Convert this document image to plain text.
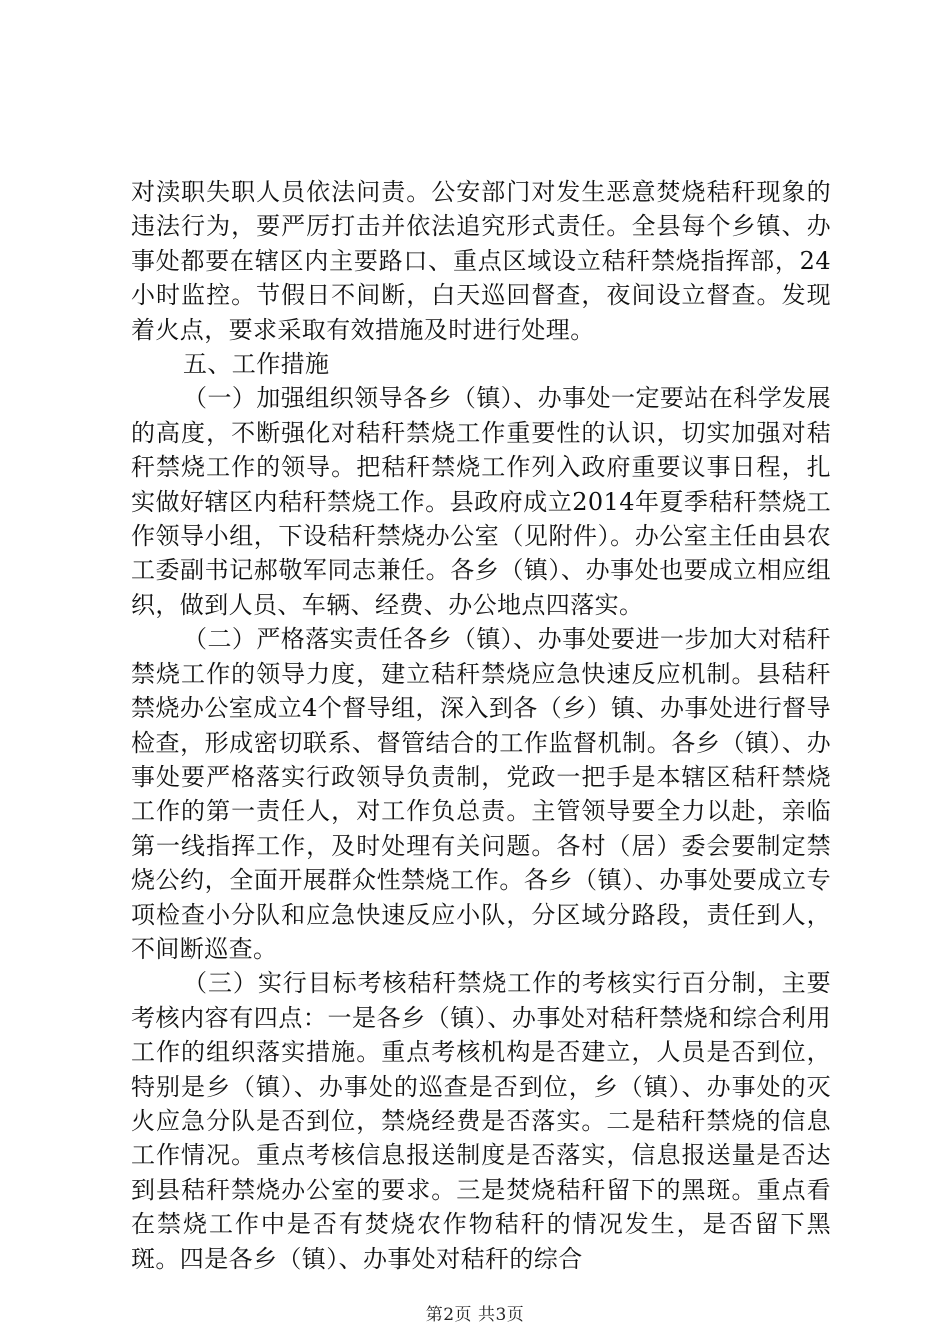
对渎职失职人员依法问责。公安部门对发生恶意焚烧秸秆现象的违法行为，要严厉打击并依法追究形式责任。全县每个乡镇、办事处都要在辖区内主要路口、重点区域设立秸秆禁烧指挥部，24小时监控。节假日不间断，白天巡回督查，夜间设立督查。发现着火点，要求采取有效措施及时进行处理。

五、工作措施

（一）加强组织领导各乡（镇）、办事处一定要站在科学发展的高度，不断强化对秸秆禁烧工作重要性的认识，切实加强对秸秆禁烧工作的领导。把秸秆禁烧工作列入政府重要议事日程，扎实做好辖区内秸秆禁烧工作。县政府成立2014年夏季秸秆禁烧工作领导小组，下设秸秆禁烧办公室（见附件）。办公室主任由县农工委副书记郝敬军同志兼任。各乡（镇）、办事处也要成立相应组织，做到人员、车辆、经费、办公地点四落实。

（二）严格落实责任各乡（镇）、办事处要进一步加大对秸秆禁烧工作的领导力度，建立秸秆禁烧应急快速反应机制。县秸秆禁烧办公室成立4个督导组，深入到各（乡）镇、办事处进行督导检查，形成密切联系、督管结合的工作监督机制。各乡（镇）、办事处要严格落实行政领导负责制，党政一把手是本辖区秸秆禁烧工作的第一责任人，对工作负总责。主管领导要全力以赴，亲临第一线指挥工作，及时处理有关问题。各村（居）委会要制定禁烧公约，全面开展群众性禁烧工作。各乡（镇）、办事处要成立专项检查小分队和应急快速反应小队，分区域分路段，责任到人，不间断巡查。

（三）实行目标考核秸秆禁烧工作的考核实行百分制，主要考核内容有四点：一是各乡（镇）、办事处对秸秆禁烧和综合利用工作的组织落实措施。重点考核机构是否建立，人员是否到位，特别是乡（镇）、办事处的巡查是否到位，乡（镇）、办事处的灭火应急分队是否到位，禁烧经费是否落实。二是秸秆禁烧的信息工作情况。重点考核信息报送制度是否落实，信息报送量是否达到县秸秆禁烧办公室的要求。三是焚烧秸秆留下的黑斑。重点看在禁烧工作中是否有焚烧农作物秸秆的情况发生，是否留下黑斑。四是各乡（镇）、办事处对秸秆的综合

第2页 共3页
